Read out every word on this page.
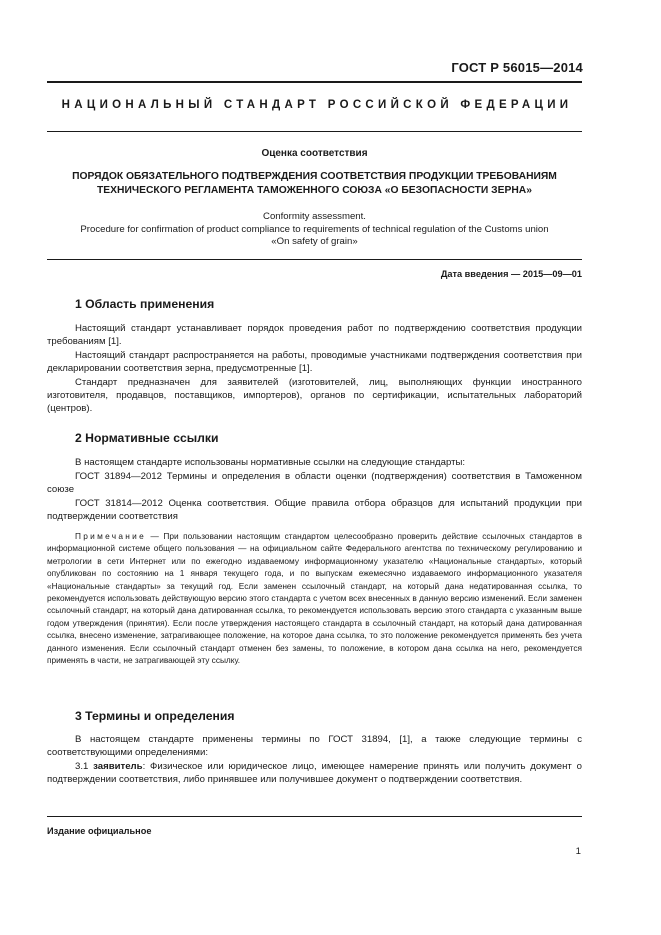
ГОСТ Р 56015—2014
НАЦИОНАЛЬНЫЙ СТАНДАРТ РОССИЙСКОЙ ФЕДЕРАЦИИ
Оценка соответствия
ПОРЯДОК ОБЯЗАТЕЛЬНОГО ПОДТВЕРЖДЕНИЯ СООТВЕТСТВИЯ ПРОДУКЦИИ ТРЕБОВАНИЯМ
ТЕХНИЧЕСКОГО РЕГЛАМЕНТА ТАМОЖЕННОГО СОЮЗА «О БЕЗОПАСНОСТИ ЗЕРНА»
Conformity assessment.
Procedure for confirmation of product compliance to requirements of technical regulation of the Customs union
«On safety of grain»
Дата введения — 2015—09—01
1 Область применения

Настоящий стандарт устанавливает порядок проведения работ по подтверждению соответствия продукции требованиям [1].

Настоящий стандарт распространяется на работы, проводимые участниками подтверждения соответствия при декларировании соответствия зерна, предусмотренные [1].

Стандарт предназначен для заявителей (изготовителей, лиц, выполняющих функции иностранного изготовителя, продавцов, поставщиков, импортеров), органов по сертификации, испытательных лабораторий (центров).

2 Нормативные ссылки

В настоящем стандарте использованы нормативные ссылки на следующие стандарты:

ГОСТ 31894—2012 Термины и определения в области оценки (подтверждения) соответствия в Таможенном союзе

ГОСТ 31814—2012 Оценка соответствия. Общие правила отбора образцов для испытаний продукции при подтверждении соответствия

Примечание — При пользовании настоящим стандартом целесообразно проверить действие ссылочных стандартов в информационной системе общего пользования — на официальном сайте Федерального агентства по техническому регулированию и метрологии в сети Интернет или по ежегодно издаваемому информационному указателю «Национальные стандарты», который опубликован по состоянию на 1 января текущего года, и по выпускам ежемесячно издаваемого информационного указателя «Национальные стандарты» за текущий год. Если заменен ссылочный стандарт, на который дана недатированная ссылка, то рекомендуется использовать действующую версию этого стандарта с учетом всех внесенных в данную версию изменений. Если заменен ссылочный стандарт, на который дана датированная ссылка, то рекомендуется использовать версию этого стандарта с указанным выше годом утверждения (принятия). Если после утверждения настоящего стандарта в ссылочный стандарт, на который дана датированная ссылка, внесено изменение, затрагивающее положение, на которое дана ссылка, то это положение рекомендуется применять без учета данного изменения. Если ссылочный стандарт отменен без замены, то положение, в котором дана ссылка на него, рекомендуется применять в части, не затрагивающей эту ссылку.

3 Термины и определения

В настоящем стандарте применены термины по ГОСТ 31894, [1], а также следующие термины с соответствующими определениями:

3.1 заявитель: Физическое или юридическое лицо, имеющее намерение принять или получить документ о подтверждении соответствия, либо принявшее или получившее документ о подтверждении соответствия.

Издание официальное
1
